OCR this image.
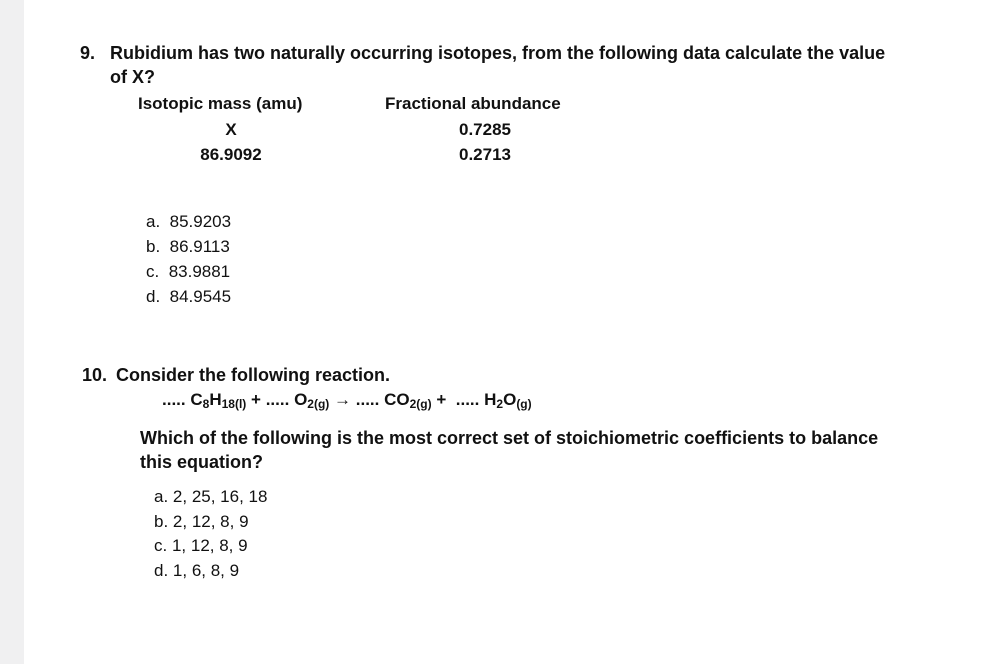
9. Rubidium has two naturally occurring isotopes, from the following data calculate the value
of X?
Isotopic mass (amu)	Fractional abundance
X	0.7285
86.9092	0.2713
a. 85.9203
b. 86.9113
c. 83.9881
d. 84.9545
10. Consider the following reaction.
..... $C_8H_{18(l)}$ + ..... $O_{2(g)}$ → ..... $CO_{2(g)}$ + ..... $H_2O_{(g)}$
Which of the following is the most correct set of stoichiometric coefficients to balance
this equation?
a. 2, 25, 16, 18
b. 2, 12, 8, 9
c. 1, 12, 8, 9
d. 1, 6, 8, 9
